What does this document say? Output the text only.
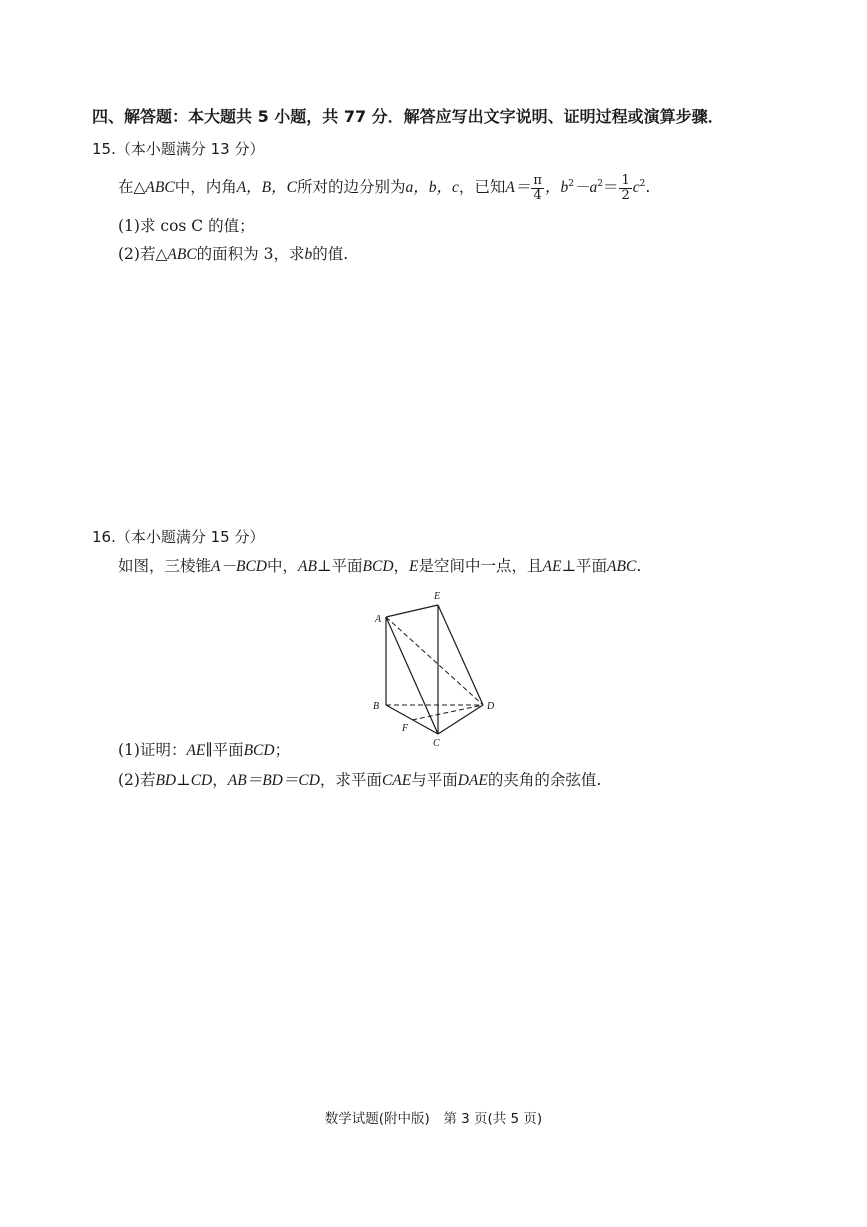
四、解答题：本大题共 5 小题，共 77 分．解答应写出文字说明、证明过程或演算步骤．
15.（本小题满分 13 分）
在△ABC中，内角A，B，C所对的边分别为a，b，c，已知$A= \frac{\pi}{4}$ ，$b^2-a^2= \frac{1}{2} c^2$.
(1)求 cos C 的值；
(2)若△ABC的面积为 3，求b的值.
16.（本小题满分 15 分）
如图，三棱锥A－BCD中，AB⊥平面BCD，E是空间中一点，且AE⊥平面ABC.
A
E
B	D
F
C
(1)证明：AE∥平面BCD；
(2)若BD⊥CD，AB＝BD＝CD，求平面CAE与平面DAE的夹角的余弦值.
数学试题(附中版)　第 3 页(共 5 页)
